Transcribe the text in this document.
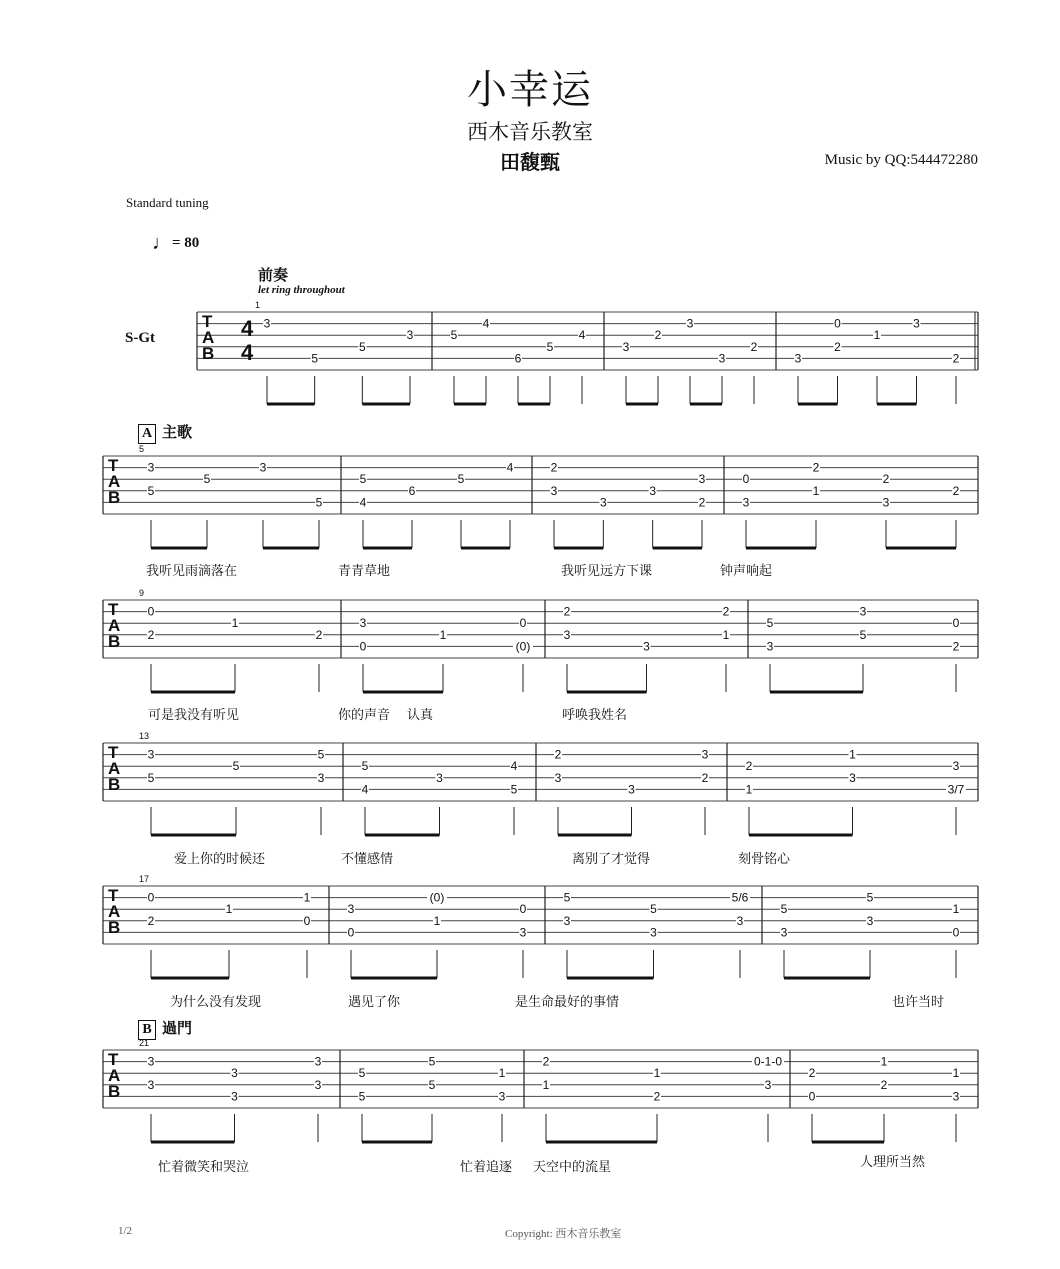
小幸运
西木音乐教室
田馥甄	Music by QQ:544472280
Standard tuning
♩= 80
前奏
let ring throughout
S-Gt
A 主歌
B 過門
T
A
B
4
4
1
3
5
5
3	5
4
6
5
4
3
2
3
3
2
3
0
2
1
3
2
T
A
B
5
3
5
5
3
5
5
4
6
5
4
3
2
3
3
3
2	3
0
2
1
2
3
2
T
A
B
9
0
2
1
2
3
0
1
(0)
0
3
2
3
2
1
3
5
3
5
0
2
T
A
B
13
3
5
5
3
5
5
4
3
5
4
3
2
3
3
2
1
2
1
3
3
3/7
T
A
B
17
0
2
1
0
1
3
0
1
(0)
3
0
3
5
3
5
5/6
3
3
5
5
3
1
0
T
A
B
21
3
3
3
3
3
3
5
5
5
5
3
1
1
2
2
1
0-1-0
3
0
2
1
2
1
3
我听见雨滴落在	青青草地	我听见远方下课	钟声响起
可是我没有听见	你的声音 认真	呼唤我姓名
爱上你的时候还	不懂感情	离别了才觉得	刻骨铭心
为什么没有发现	遇见了你	是生命最好的事情	也许当时
忙着微笑和哭泣	忙着追逐 天空中的流星	人理所当然
1/2	Copyright: 西木音乐教室
